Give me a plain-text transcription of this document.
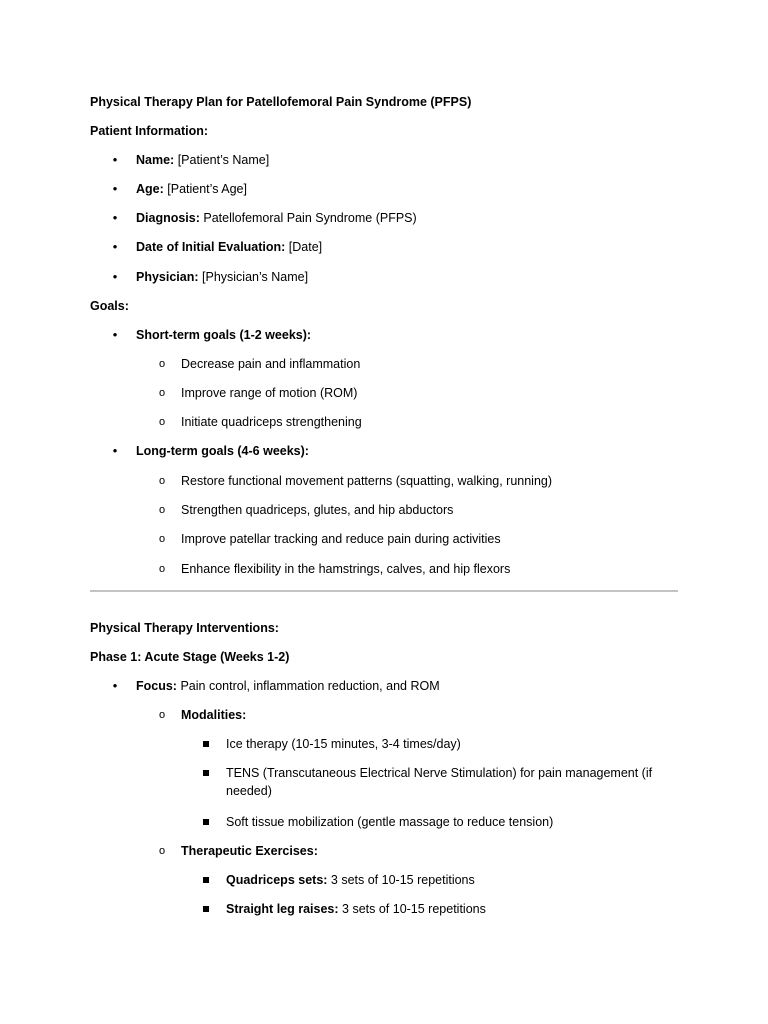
Physical Therapy Plan for Patellofemoral Pain Syndrome (PFPS)
Patient Information:
• Name: [Patient’s Name]
• Age: [Patient’s Age]
• Diagnosis: Patellofemoral Pain Syndrome (PFPS)
• Date of Initial Evaluation: [Date]
• Physician: [Physician’s Name]
Goals:
• Short-term goals (1-2 weeks):
o Decrease pain and inflammation
o Improve range of motion (ROM)
o Initiate quadriceps strengthening
• Long-term goals (4-6 weeks):
o Restore functional movement patterns (squatting, walking, running)
o Strengthen quadriceps, glutes, and hip abductors
o Improve patellar tracking and reduce pain during activities
o Enhance flexibility in the hamstrings, calves, and hip flexors
Physical Therapy Interventions:
Phase 1: Acute Stage (Weeks 1-2)
• Focus: Pain control, inflammation reduction, and ROM
o Modalities:
Ice therapy (10-15 minutes, 3-4 times/day)
TENS (Transcutaneous Electrical Nerve Stimulation) for pain management (if needed)
Soft tissue mobilization (gentle massage to reduce tension)
o Therapeutic Exercises:
Quadriceps sets: 3 sets of 10-15 repetitions
Straight leg raises: 3 sets of 10-15 repetitions
